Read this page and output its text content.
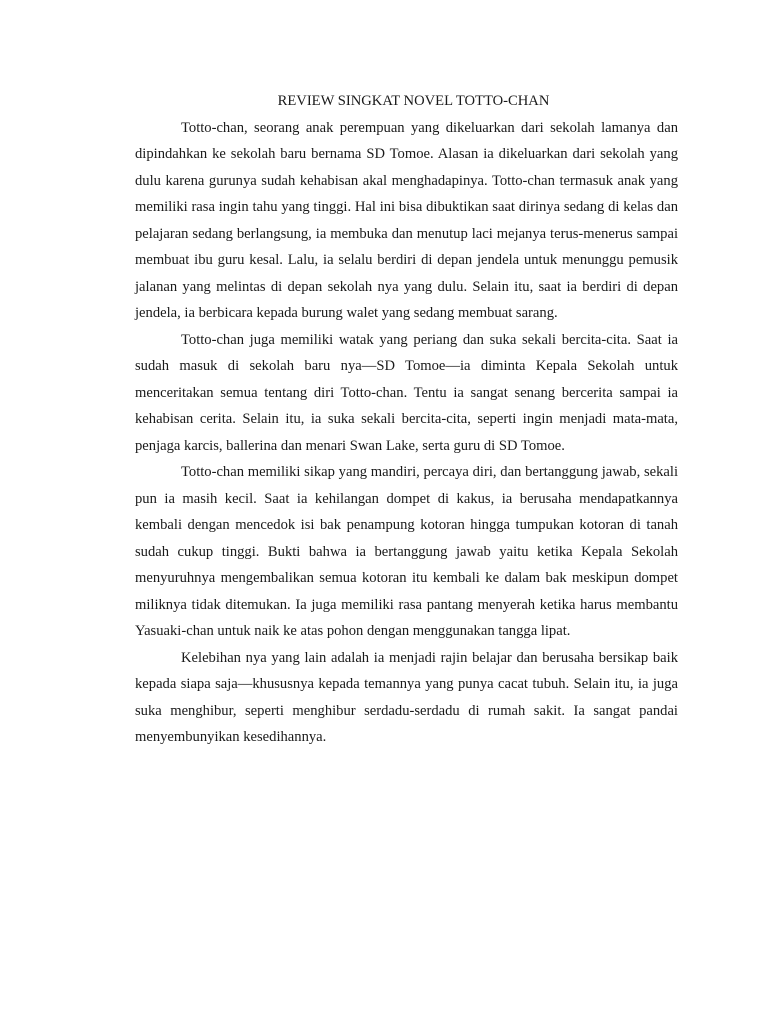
REVIEW SINGKAT NOVEL TOTTO-CHAN

Totto-chan, seorang anak perempuan yang dikeluarkan dari sekolah lamanya dan dipindahkan ke sekolah baru bernama SD Tomoe. Alasan ia dikeluarkan dari sekolah yang dulu karena gurunya sudah kehabisan akal menghadapinya. Totto-chan termasuk anak yang memiliki rasa ingin tahu yang tinggi. Hal ini bisa dibuktikan saat dirinya sedang di kelas dan pelajaran sedang berlangsung, ia membuka dan menutup laci mejanya terus-menerus sampai membuat ibu guru kesal. Lalu, ia selalu berdiri di depan jendela untuk menunggu pemusik jalanan yang melintas di depan sekolah nya yang dulu. Selain itu, saat ia berdiri di depan jendela, ia berbicara kepada burung walet yang sedang membuat sarang.

Totto-chan juga memiliki watak yang periang dan suka sekali bercita-cita. Saat ia sudah masuk di sekolah baru nya—SD Tomoe—ia diminta Kepala Sekolah untuk menceritakan semua tentang diri Totto-chan. Tentu ia sangat senang bercerita sampai ia kehabisan cerita. Selain itu, ia suka sekali bercita-cita, seperti ingin menjadi mata-mata, penjaga karcis, ballerina dan menari Swan Lake, serta guru di SD Tomoe.

Totto-chan memiliki sikap yang mandiri, percaya diri, dan bertanggung jawab, sekali pun ia masih kecil. Saat ia kehilangan dompet di kakus, ia berusaha mendapatkannya kembali dengan mencedok isi bak penampung kotoran hingga tumpukan kotoran di tanah sudah cukup tinggi. Bukti bahwa ia bertanggung jawab yaitu ketika Kepala Sekolah menyuruhnya mengembalikan semua kotoran itu kembali ke dalam bak meskipun dompet miliknya tidak ditemukan. Ia juga memiliki rasa pantang menyerah ketika harus membantu Yasuaki-chan untuk naik ke atas pohon dengan menggunakan tangga lipat.

Kelebihan nya yang lain adalah ia menjadi rajin belajar dan berusaha bersikap baik kepada siapa saja—khususnya kepada temannya yang punya cacat tubuh. Selain itu, ia juga suka menghibur, seperti menghibur serdadu-serdadu di rumah sakit. Ia sangat pandai menyembunyikan kesedihannya.
